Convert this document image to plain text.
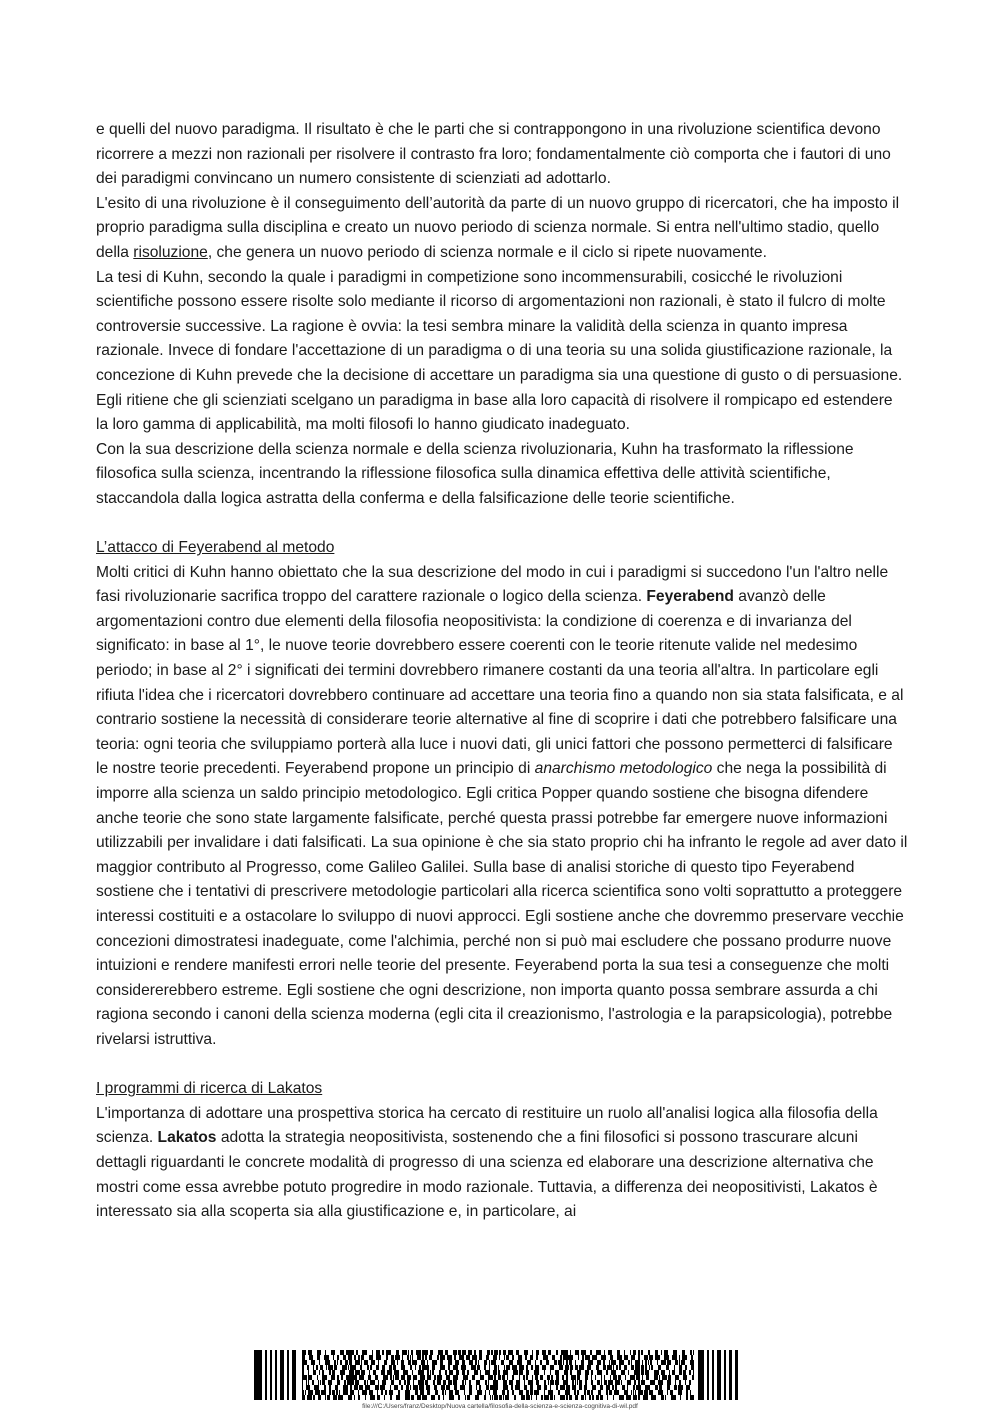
e quelli del nuovo paradigma. Il risultato è che le parti che si contrappongono in una rivoluzione scientifica devono ricorrere a mezzi non razionali per risolvere il contrasto fra loro; fondamentalmente ciò comporta che i fautori di uno dei paradigmi convincano un numero consistente di scienziati ad adottarlo.

L'esito di una rivoluzione è il conseguimento dell’autorità da parte di un nuovo gruppo di ricercatori, che ha imposto il proprio paradigma sulla disciplina e creato un nuovo periodo di scienza normale. Si entra nell'ultimo stadio, quello della risoluzione, che genera un nuovo periodo di scienza normale e il ciclo si ripete nuovamente.

La tesi di Kuhn, secondo la quale i paradigmi in competizione sono incommensurabili, cosicché le rivoluzioni scientifiche possono essere risolte solo mediante il ricorso di argomentazioni non razionali, è stato il fulcro di molte controversie successive. La ragione è ovvia: la tesi sembra minare la validità della scienza in quanto impresa razionale. Invece di fondare l'accettazione di un paradigma o di una teoria su una solida giustificazione razionale, la concezione di Kuhn prevede che la decisione di accettare un paradigma sia una questione di gusto o di persuasione. Egli ritiene che gli scienziati scelgano un paradigma in base alla loro capacità di risolvere il rompicapo ed estendere la loro gamma di applicabilità, ma molti filosofi lo hanno giudicato inadeguato.

Con la sua descrizione della scienza normale e della scienza rivoluzionaria, Kuhn ha trasformato la riflessione filosofica sulla scienza, incentrando la riflessione filosofica sulla dinamica effettiva delle attività scientifiche, staccandola dalla logica astratta della conferma e della falsificazione delle teorie scientifiche.

L’attacco di Feyerabend al metodo

Molti critici di Kuhn hanno obiettato che la sua descrizione del modo in cui i paradigmi si succedono l'un l'altro nelle fasi rivoluzionarie sacrifica troppo del carattere razionale o logico della scienza. Feyerabend avanzò delle argomentazioni contro due elementi della filosofia neopositivista: la condizione di coerenza e di invarianza del significato: in base al 1°, le nuove teorie dovrebbero essere coerenti con le teorie ritenute valide nel medesimo periodo; in base al 2° i significati dei termini dovrebbero rimanere costanti da una teoria all'altra. In particolare egli rifiuta l'idea che i ricercatori dovrebbero continuare ad accettare una teoria fino a quando non sia stata falsificata, e al contrario sostiene la necessità di considerare teorie alternative al fine di scoprire i dati che potrebbero falsificare una teoria: ogni teoria che sviluppiamo porterà alla luce i nuovi dati, gli unici fattori che possono permetterci di falsificare le nostre teorie precedenti. Feyerabend propone un principio di anarchismo metodologico che nega la possibilità di imporre alla scienza un saldo principio metodologico. Egli critica Popper quando sostiene che bisogna difendere anche teorie che sono state largamente falsificate, perché questa prassi potrebbe far emergere nuove informazioni utilizzabili per invalidare i dati falsificati. La sua opinione è che sia stato proprio chi ha infranto le regole ad aver dato il maggior contributo al Progresso, come Galileo Galilei. Sulla base di analisi storiche di questo tipo Feyerabend sostiene che i tentativi di prescrivere metodologie particolari alla ricerca scientifica sono volti soprattutto a proteggere interessi costituiti e a ostacolare lo sviluppo di nuovi approcci. Egli sostiene anche che dovremmo preservare vecchie concezioni dimostratesi inadeguate, come l'alchimia, perché non si può mai escludere che possano produrre nuove intuizioni e rendere manifesti errori nelle teorie del presente. Feyerabend porta la sua tesi a conseguenze che molti considererebbero estreme. Egli sostiene che ogni descrizione, non importa quanto possa sembrare assurda a chi ragiona secondo i canoni della scienza moderna (egli cita il creazionismo, l'astrologia e la parapsicologia), potrebbe rivelarsi istruttiva.

I programmi di ricerca di Lakatos

L'importanza di adottare una prospettiva storica ha cercato di restituire un ruolo all'analisi logica alla filosofia della scienza. Lakatos adotta la strategia neopositivista, sostenendo che a fini filosofici si possono trascurare alcuni dettagli riguardanti le concrete modalità di progresso di una scienza ed elaborare una descrizione alternativa che mostri come essa avrebbe potuto progredire in modo razionale. Tuttavia, a differenza dei neopositivisti, Lakatos è interessato sia alla scoperta sia alla giustificazione e, in particolare, ai

file:///C:/Users/franz/Desktop/Nuova cartella/filosofia-della-scienza-e-scienza-cognitiva-di-wil.pdf
